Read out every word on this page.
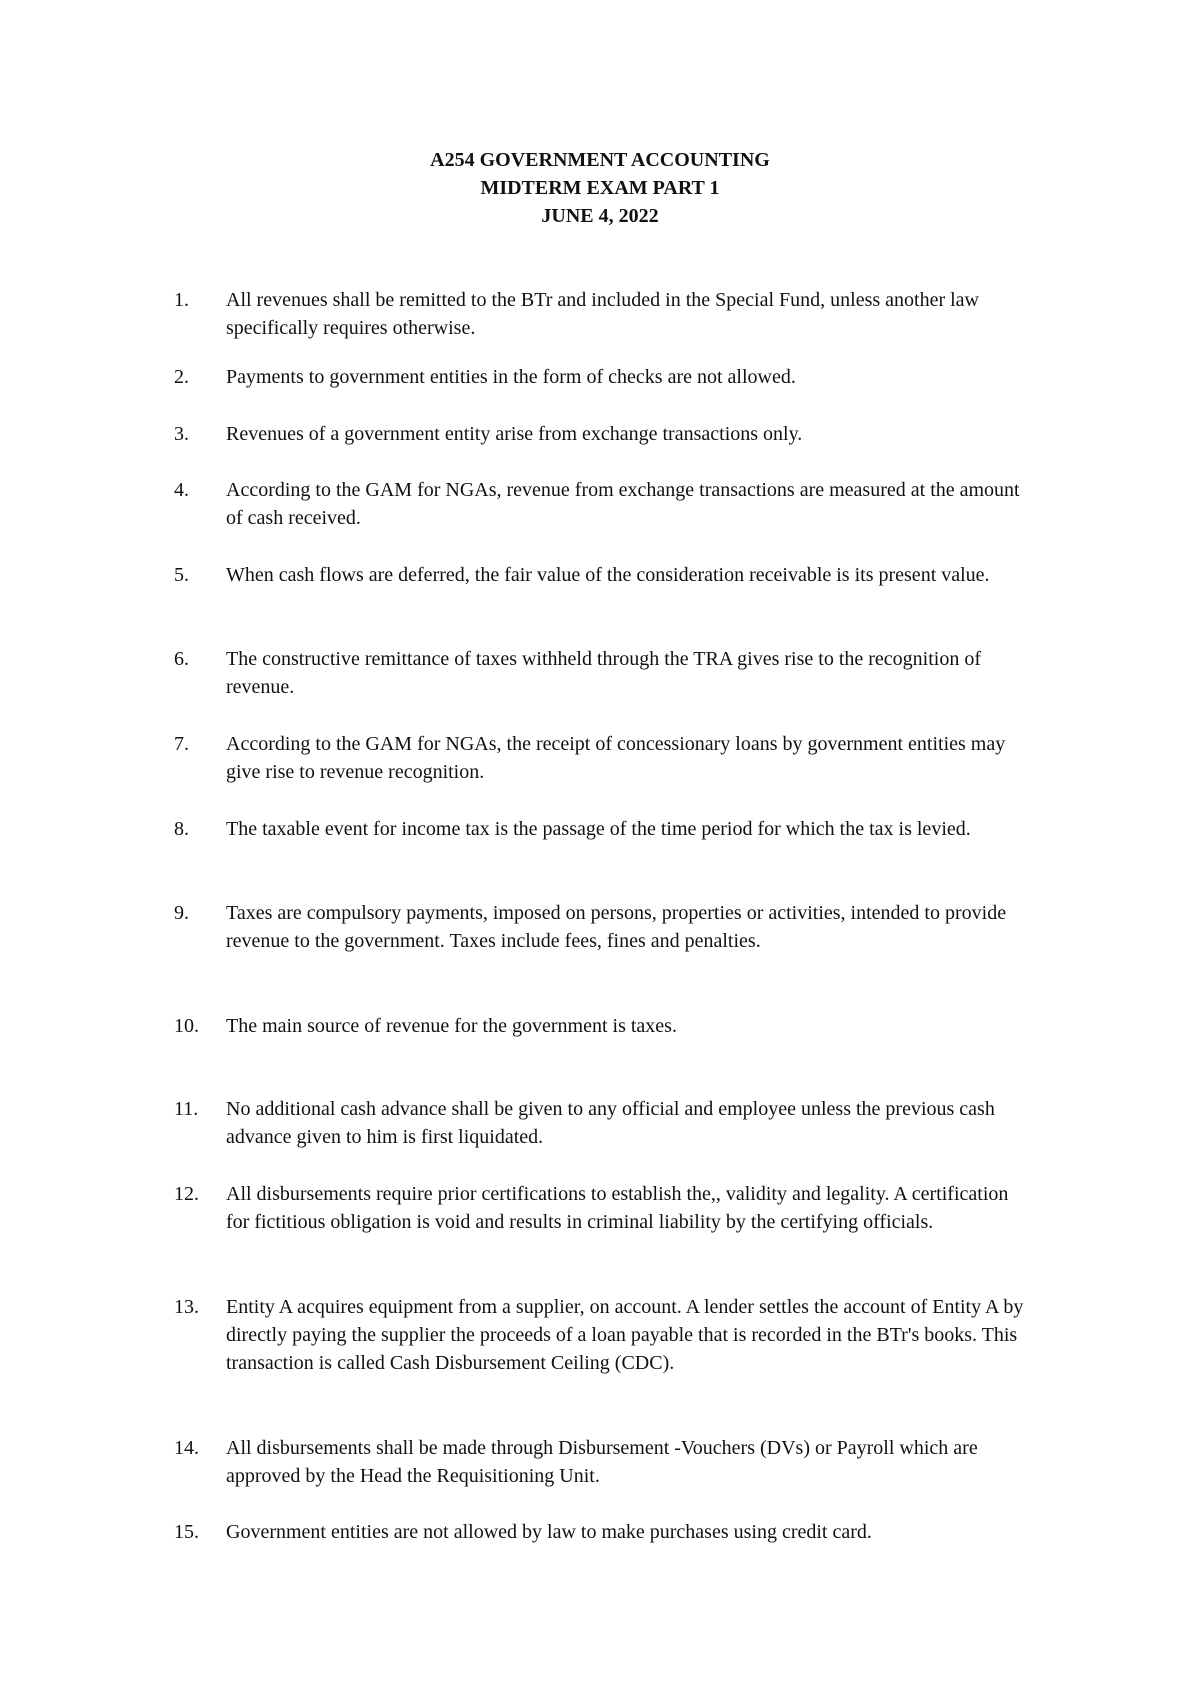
A254 GOVERNMENT ACCOUNTING
MIDTERM EXAM PART 1
JUNE 4, 2022
1.	All revenues shall be remitted to the BTr and included in the Special Fund, unless another law specifically requires otherwise.
2.	Payments to government entities in the form of checks are not allowed.
3.	Revenues of a government entity arise from exchange transactions only.
4.	According to the GAM for NGAs, revenue from exchange transactions are measured at the amount of cash received.
5.	When cash flows are deferred, the fair value of the consideration receivable is its present value.
6.	The constructive remittance of taxes withheld through the TRA gives rise to the recognition of revenue.
7.	According to the GAM for NGAs, the receipt of concessionary loans by government entities may give rise to revenue recognition.
8.	The taxable event for income tax is the passage of the time period for which the tax is levied.
9.	Taxes are compulsory payments, imposed on persons, properties or activities, intended to provide revenue to the government. Taxes include fees, fines and penalties.
10.	The main source of revenue for the government is taxes.
11.	No additional cash advance shall be given to any official and employee unless the previous cash advance given to him is first liquidated.
12.	All disbursements require prior certifications to establish the,, validity and legality. A certification for fictitious obligation is void and results in criminal liability by the certifying officials.
13.	Entity A acquires equipment from a supplier, on account. A lender settles the account of Entity A by directly paying the supplier the proceeds of a loan payable that is recorded in the BTr's books. This transaction is called Cash Disbursement Ceiling (CDC).
14.	All disbursements shall be made through Disbursement -Vouchers (DVs) or Payroll which are approved by the Head the Requisitioning Unit.
15.	Government entities are not allowed by law to make purchases using credit card.
